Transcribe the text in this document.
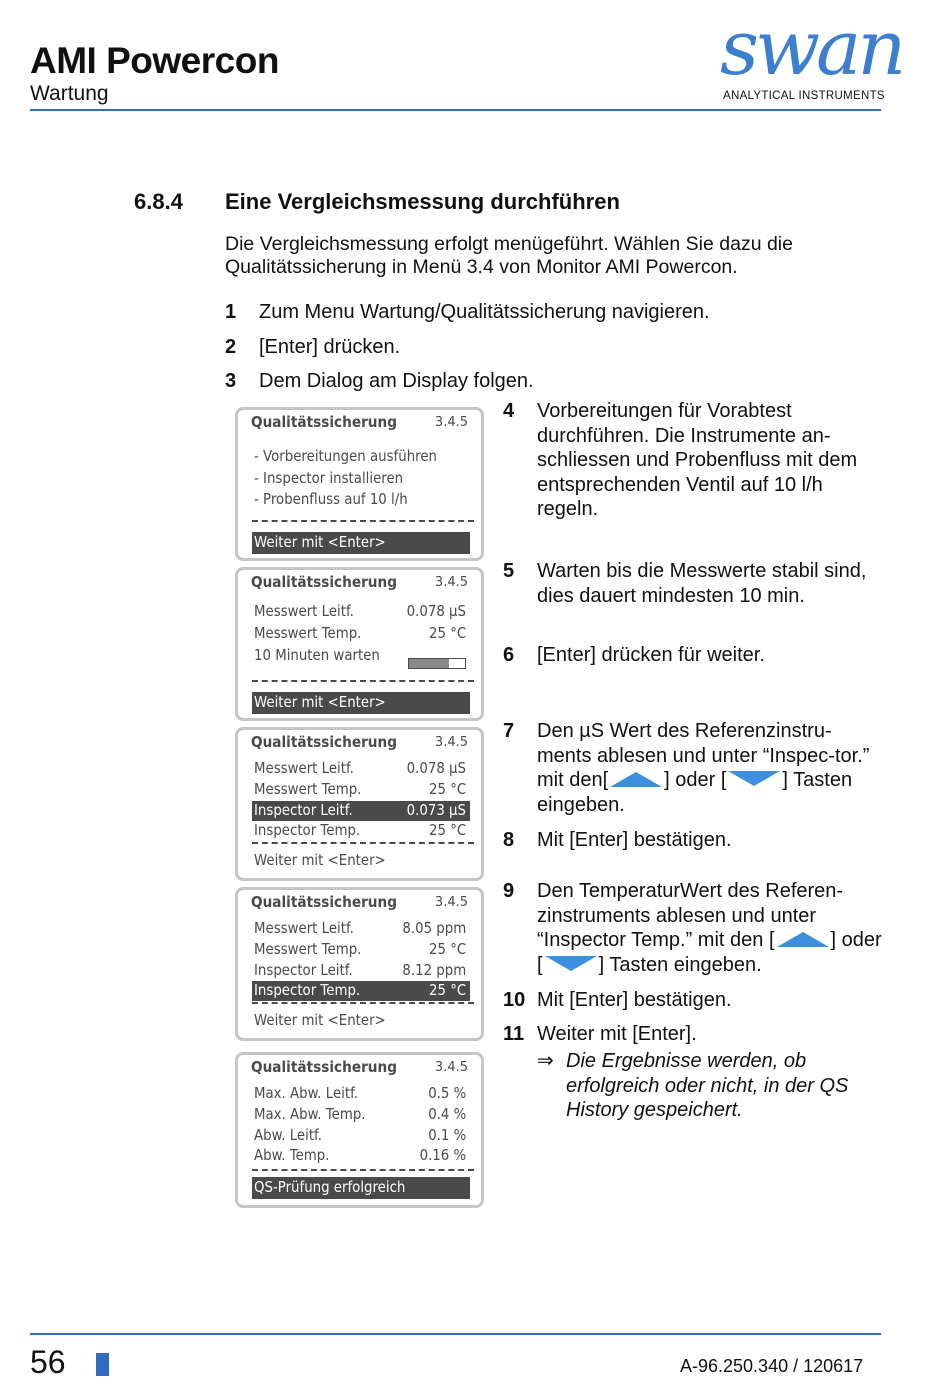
AMI Powercon
Wartung
swan
ANALYTICAL INSTRUMENTS
6.8.4 Eine Vergleichsmessung durchführen
Die Vergleichsmessung erfolgt menügeführt. Wählen Sie dazu die Qualitätssicherung in Menü 3.4 von Monitor AMI Powercon.
1 Zum Menu Wartung/Qualitätssicherung navigieren.
2 [Enter] drücken.
3 Dem Dialog am Display folgen.
4 Vorbereitungen für Vorabtest durchführen. Die Instrumente an-schliessen und Probenfluss mit dem entsprechenden Ventil auf 10 l/h regeln.
5 Warten bis die Messwerte stabil sind, dies dauert mindesten 10 min.
6 [Enter] drücken für weiter.
7 Den µS Wert des Referenzinstru-ments ablesen und unter “Inspec-tor.” mit den[	] oder [	] Tasten eingeben.
8 Mit [Enter] bestätigen.
9 Den TemperaturWert des Referen-zinstruments ablesen und unter “Inspector Temp.” mit den [	] oder [	] Tasten eingeben.
10 Mit [Enter] bestätigen.
11 Weiter mit [Enter].
⇒ Die Ergebnisse werden, ob erfolgreich oder nicht, in der QS History gespeichert.
Qualitätssicherung	3.4.5
- Vorbereitungen ausführen
- Inspector installieren
- Probenfluss auf 10 l/h
Weiter mit <Enter>
Qualitätssicherung	3.4.5
Messwert Leitf.	0.078 µS
Messwert Temp.	25 °C
10 Minuten warten
Weiter mit <Enter>
Qualitätssicherung	3.4.5
Messwert Leitf.	0.078 µS
Messwert Temp.	25 °C
Inspector Leitf.	0.073 µS
Inspector Temp.	25 °C
Weiter mit <Enter>
Qualitätssicherung	3.4.5
Messwert Leitf.	8.05 ppm
Messwert Temp.	25 °C
Inspector Leitf.	8.12 ppm
Inspector Temp.	25 °C
Weiter mit <Enter>
Qualitätssicherung	3.4.5
Max. Abw. Leitf.	0.5 %
Max. Abw. Temp.	0.4 %
Abw. Leitf.	0.1 %
Abw. Temp.	0.16 %
QS-Prüfung erfolgreich
56	A-96.250.340 / 120617
